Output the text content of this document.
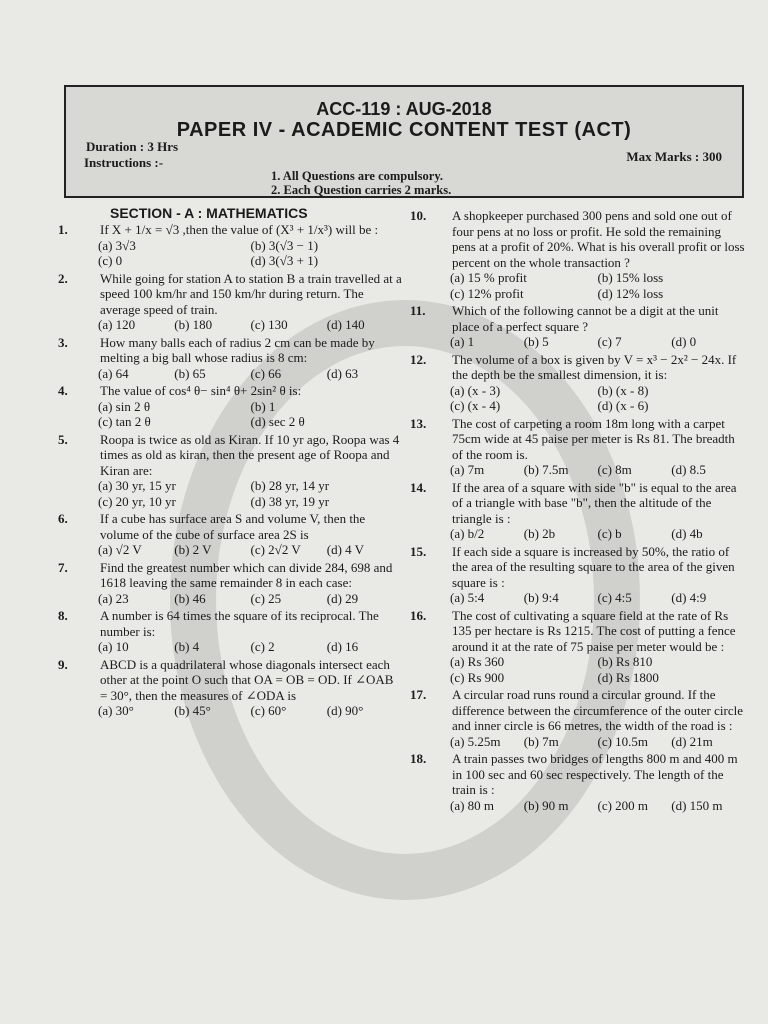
ACC-119 : AUG-2018
PAPER IV - ACADEMIC CONTENT TEST (ACT)
Duration : 3 Hrs
Instructions :-	Max Marks : 300
1. All Questions are compulsory.
2. Each Question carries 2 marks.
SECTION - A : MATHEMATICS
1. If X + 1/x = √3 ,then the value of (X³ + 1/x³) will be :
(a) 3√3	(b) 3(√3 − 1)
(c) 0	(d) 3(√3 + 1)
2. While going for station A to station B a train travelled at a speed 100 km/hr and 150 km/hr during return. The average speed of train.
(a) 120	(b) 180	(c) 130	(d) 140
3. How many balls each of radius 2 cm can be made by melting a big ball whose radius is 8 cm:
(a) 64	(b) 65	(c) 66	(d) 63
4. The value of cos⁴ θ− sin⁴ θ+ 2sin² θ is:
(a) sin 2 θ	(b) 1
(c) tan 2 θ	(d) sec 2 θ
5. Roopa is twice as old as Kiran. If 10 yr ago, Roopa was 4 times as old as kiran, then the present age of Roopa and Kiran are:
(a) 30 yr, 15 yr	(b) 28 yr, 14 yr
(c) 20 yr, 10 yr	(d) 38 yr, 19 yr
6. If a cube has surface area S and volume V, then the volume of the cube of surface area 2S is
(a) √2 V	(b) 2 V	(c) 2√2 V	(d) 4 V
7. Find the greatest number which can divide 284, 698 and 1618 leaving the same remainder 8 in each case:
(a) 23	(b) 46	(c) 25	(d) 29
8. A number is 64 times the square of its reciprocal. The number is:
(a) 10	(b) 4	(c) 2	(d) 16
9. ABCD is a quadrilateral whose diagonals intersect each other at the point O such that OA = OB = OD. If ∠OAB = 30°, then the measures of ∠ODA is
(a) 30°	(b) 45°	(c) 60°	(d) 90°
10. A shopkeeper purchased 300 pens and sold one out of four pens at no loss or profit. He sold the remaining pens at a profit of 20%. What is his overall profit or loss percent on the whole transaction ?
(a) 15 % profit	(b) 15% loss
(c) 12% profit	(d) 12% loss
11. Which of the following cannot be a digit at the unit place of a perfect square ?
(a) 1	(b) 5	(c) 7	(d) 0
12. The volume of a box is given by V = x³ − 2x² − 24x. If the depth be the smallest dimension, it is:
(a) (x - 3)	(b) (x - 8)
(c) (x - 4)	(d) (x - 6)
13. The cost of carpeting a room 18m long with a carpet 75cm wide at 45 paise per meter is Rs 81. The breadth of the room is.
(a) 7m	(b) 7.5m	(c) 8m	(d) 8.5
14. If the area of a square with side "b" is equal to the area of a triangle with base "b", then the altitude of the triangle is :
(a) b/2	(b) 2b	(c) b	(d) 4b
15. If each side a square is increased by 50%, the ratio of the area of the resulting square to the area of the given square is :
(a) 5:4	(b) 9:4	(c) 4:5	(d) 4:9
16. The cost of cultivating a square field at the rate of Rs 135 per hectare is Rs 1215. The cost of putting a fence around it at the rate of 75 paise per meter would be :
(a) Rs 360	(b) Rs 810
(c) Rs 900	(d) Rs 1800
17. A circular road runs round a circular ground. If the difference between the circumference of the outer circle and inner circle is 66 metres, the width of the road is :
(a) 5.25m	(b) 7m	(c) 10.5m	(d) 21m
18. A train passes two bridges of lengths 800 m and 400 m in 100 sec and 60 sec respectively. The length of the train is :
(a) 80 m	(b) 90 m	(c) 200 m	(d) 150 m
